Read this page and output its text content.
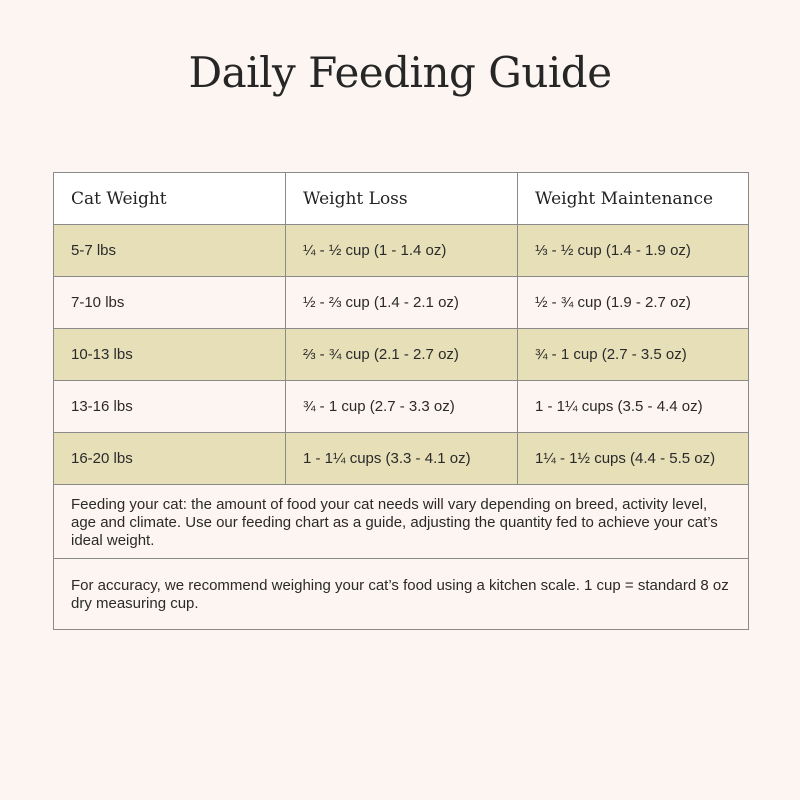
Daily Feeding Guide
Cat Weight	Weight Loss	Weight Maintenance
5-7 lbs	¼ - ½ cup (1 - 1.4 oz)	⅓ - ½ cup (1.4 - 1.9 oz)
7-10 lbs	½ - ⅔ cup (1.4 - 2.1 oz)	½ - ¾ cup (1.9 - 2.7 oz)
10-13 lbs	⅔ - ¾ cup (2.1 - 2.7 oz)	¾ - 1 cup (2.7 - 3.5 oz)
13-16 lbs	¾ - 1 cup (2.7 - 3.3 oz)	1 - 1¼ cups (3.5 - 4.4 oz)
16-20 lbs	1 - 1¼ cups (3.3 - 4.1 oz)	1¼ - 1½ cups (4.4 - 5.5 oz)
Feeding your cat: the amount of food your cat needs will vary depending on breed, activity level, age and climate. Use our feeding chart as a guide, adjusting the quantity fed to achieve your cat’s ideal weight.		
For accuracy, we recommend weighing your cat’s food using a kitchen scale. 1 cup = standard 8 oz dry measuring cup.		
